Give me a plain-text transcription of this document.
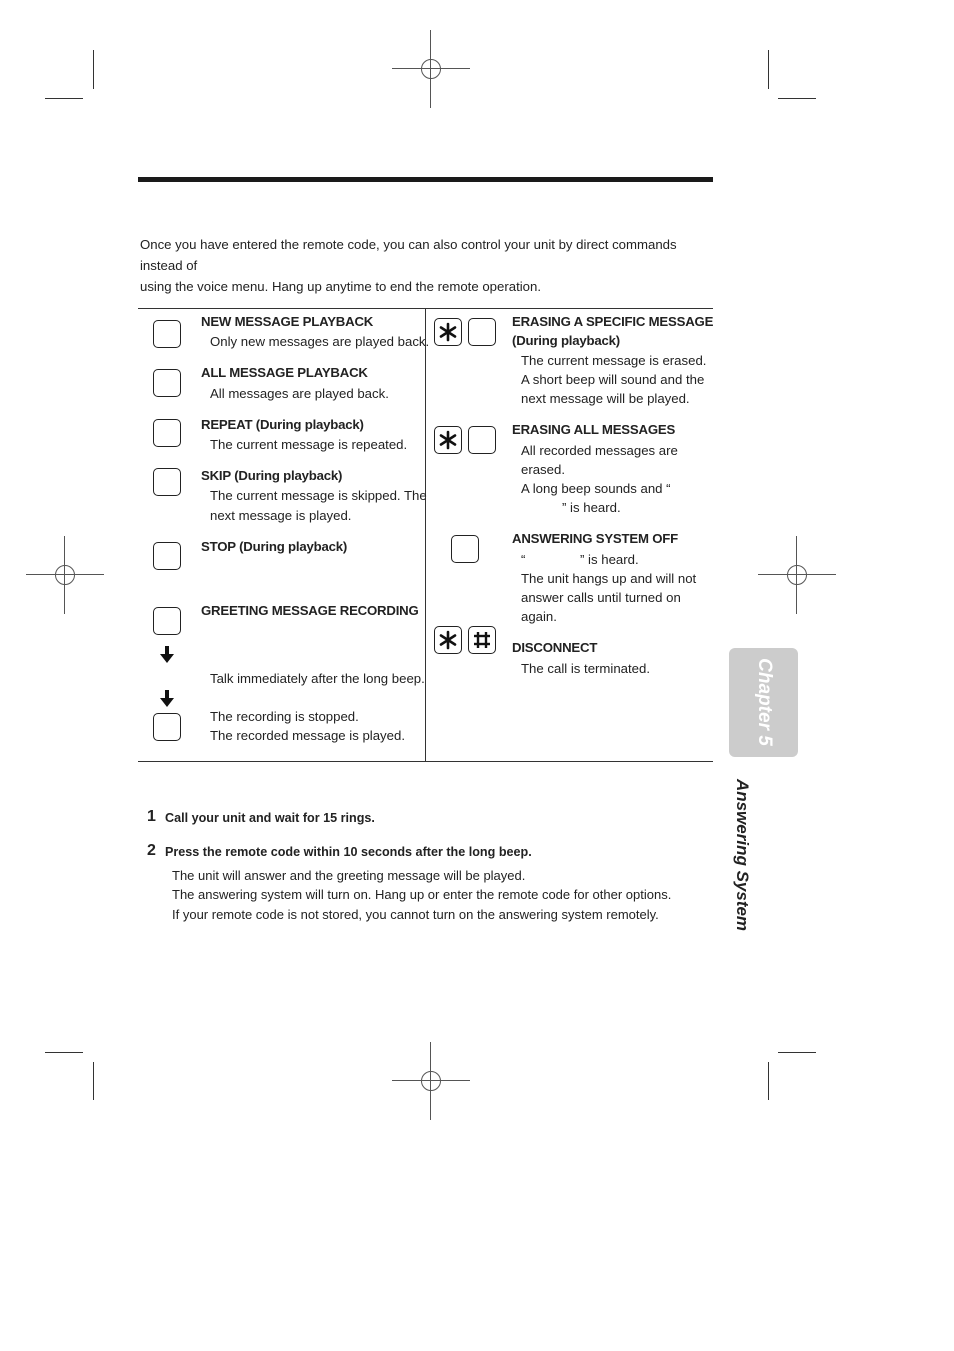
Once you have entered the remote code, you can also control your unit by direct commands instead of
using the voice menu. Hang up anytime to end the remote operation.
NEW MESSAGE PLAYBACK
Only new messages are played back.
ALL MESSAGE PLAYBACK
All messages are played back.
REPEAT (During playback)
The current message is repeated.
SKIP (During playback)
The current message is skipped. The
next message is played.
STOP (During playback)
GREETING MESSAGE RECORDING
Talk immediately after the long beep.
The recording is stopped.
The recorded message is played.
ERASING A SPECIFIC MESSAGE
(During playback)
The current message is erased.
A short beep will sound and the
next message will be played.
ERASING ALL MESSAGES
All recorded messages are
erased.
A long beep sounds and “
” is heard.
ANSWERING SYSTEM OFF
“	” is heard.
The unit hangs up and will not
answer calls until turned on
again.
DISCONNECT
The call is terminated.	Chapter 5
Answering System
1 Call your unit and wait for 15 rings.
2 Press the remote code within 10 seconds after the long beep.
The unit will answer and the greeting message will be played.
The answering system will turn on. Hang up or enter the remote code for other options.
If your remote code is not stored, you cannot turn on the answering system remotely.
